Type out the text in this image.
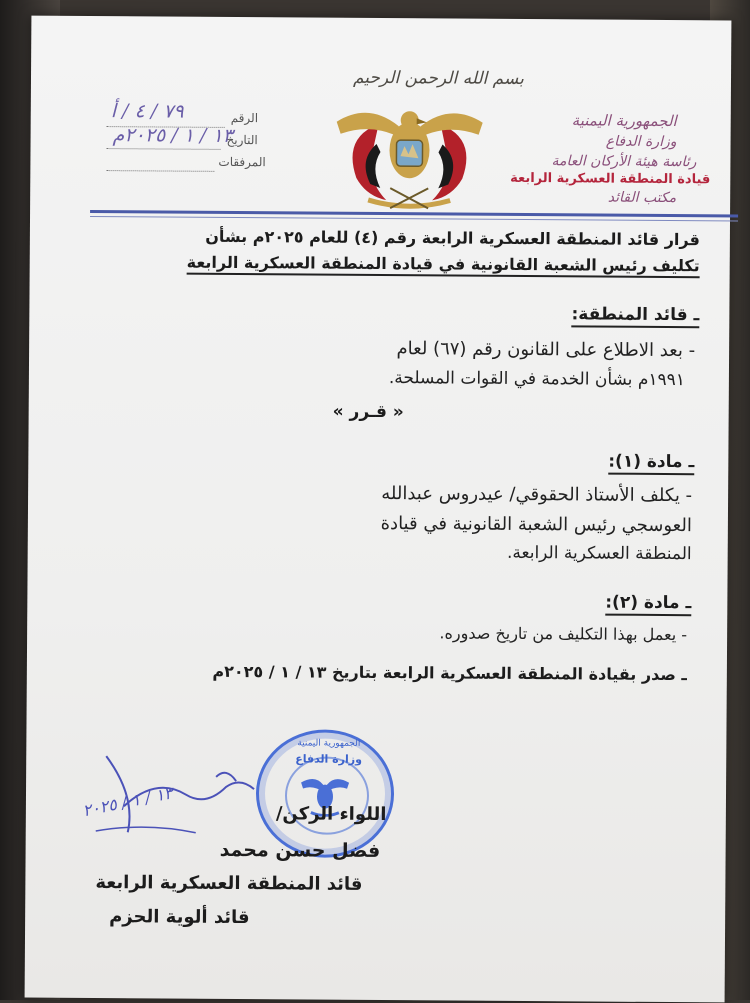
بسم الله الرحمن الرحيم
الجمهورية اليمنية
وزارة الدفاع
رئاسة هيئة الأركان العامة
قيادة المنطقة العسكرية الرابعة
مكتب القائد
الرقم
التاريخ
المرفقات
٧٩ / ٤ / أ
١٣ / ١ / ٢٠٢٥م
قرار قائد المنطقة العسكرية الرابعة رقم (٤) للعام ٢٠٢٥م بشأن
تكليف رئيس الشعبة القانونية في قيادة المنطقة العسكرية الرابعة
ـ قائد المنطقة:
- بعد الاطلاع على القانون رقم (٦٧) لعام
١٩٩١م بشأن الخدمة في القوات المسلحة.
« قـرر »
ـ مادة (١):
- يكلف الأستاذ الحقوقي/ عيدروس عبدالله
العوسجي رئيس الشعبة القانونية في قيادة
المنطقة العسكرية الرابعة.
ـ مادة (٢):
- يعمل بهذا التكليف من تاريخ صدوره.
ـ صدر بقيادة المنطقة العسكرية الرابعة بتاريخ ١٣ / ١ / ٢٠٢٥م
الجمهورية اليمنية
وزارة الدفاع
١٣ / ١ / ٢٠٢٥
اللواء الركن/
فضل حسن محمد
قائد المنطقة العسكرية الرابعة
قائد ألوية الحزم
